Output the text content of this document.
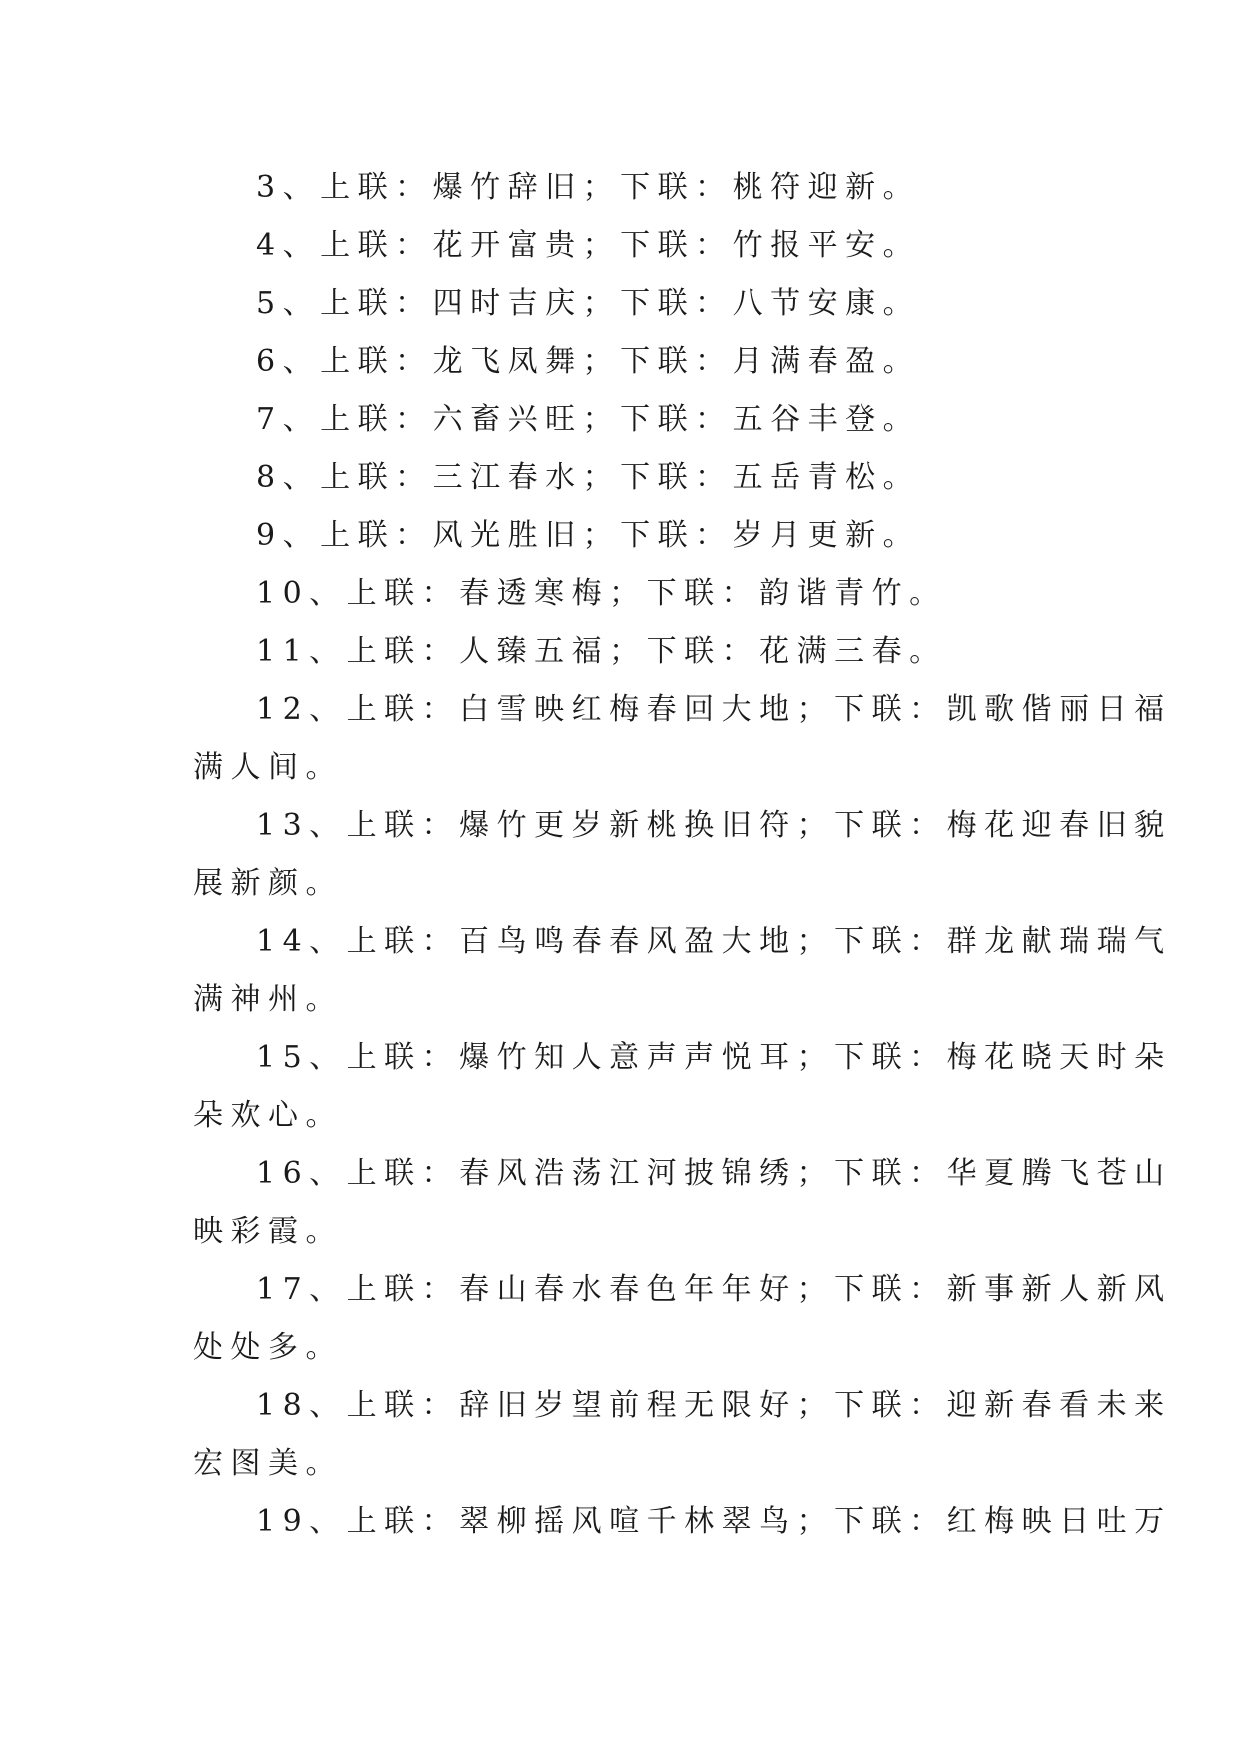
3、上联：爆竹辞旧；下联：桃符迎新。
4、上联：花开富贵；下联：竹报平安。
5、上联：四时吉庆；下联：八节安康。
6、上联：龙飞凤舞；下联：月满春盈。
7、上联：六畜兴旺；下联：五谷丰登。
8、上联：三江春水；下联：五岳青松。
9、上联：风光胜旧；下联：岁月更新。
10、上联：春透寒梅；下联：韵谐青竹。
11、上联：人臻五福；下联：花满三春。
12、上联：白雪映红梅春回大地；下联：凯歌偕丽日福
满人间。
13、上联：爆竹更岁新桃换旧符；下联：梅花迎春旧貌
展新颜。
14、上联：百鸟鸣春春风盈大地；下联：群龙献瑞瑞气
满神州。
15、上联：爆竹知人意声声悦耳；下联：梅花晓天时朵
朵欢心。
16、上联：春风浩荡江河披锦绣；下联：华夏腾飞苍山
映彩霞。
17、上联：春山春水春色年年好；下联：新事新人新风
处处多。
18、上联：辞旧岁望前程无限好；下联：迎新春看未来
宏图美。
19、上联：翠柳摇风喧千林翠鸟；下联：红梅映日吐万
